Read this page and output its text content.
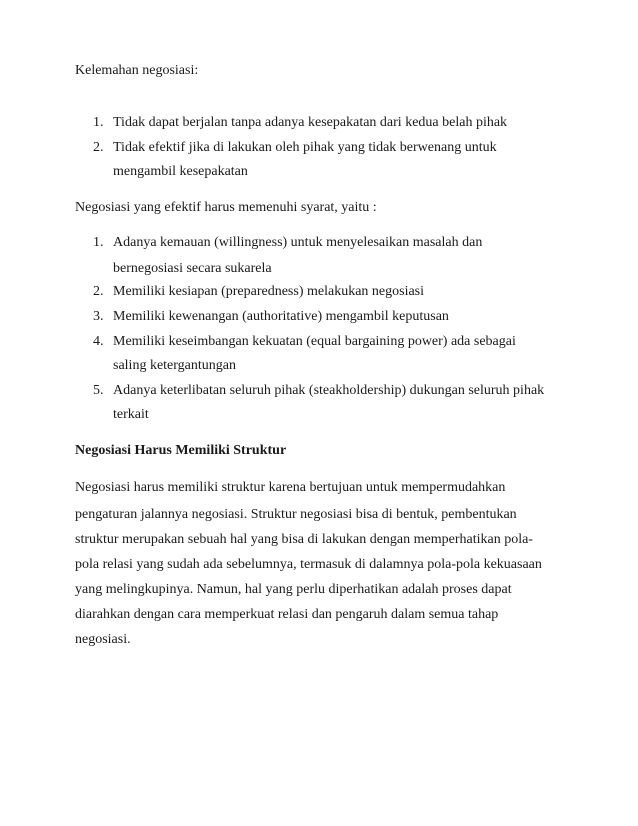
Kelemahan negosiasi:

1. Tidak dapat berjalan tanpa adanya kesepakatan dari kedua belah pihak
2. Tidak efektif jika di lakukan oleh pihak yang tidak berwenang untuk
mengambil kesepakatan

Negosiasi yang efektif harus memenuhi syarat, yaitu :

1. Adanya kemauan (willingness) untuk menyelesaikan masalah dan
bernegosiasi secara sukarela
2. Memiliki kesiapan (preparedness) melakukan negosiasi
3. Memiliki kewenangan (authoritative) mengambil keputusan
4. Memiliki keseimbangan kekuatan (equal bargaining power) ada sebagai
saling ketergantungan
5. Adanya keterlibatan seluruh pihak (steakholdership) dukungan seluruh pihak
terkait

Negosiasi Harus Memiliki Struktur

Negosiasi harus memiliki struktur karena bertujuan untuk mempermudahkan
pengaturan jalannya negosiasi. Struktur negosiasi bisa di bentuk, pembentukan
struktur merupakan sebuah hal yang bisa di lakukan dengan memperhatikan pola-
pola relasi yang sudah ada sebelumnya, termasuk di dalamnya pola-pola kekuasaan
yang melingkupinya. Namun, hal yang perlu diperhatikan adalah proses dapat
diarahkan dengan cara memperkuat relasi dan pengaruh dalam semua tahap
negosiasi.
